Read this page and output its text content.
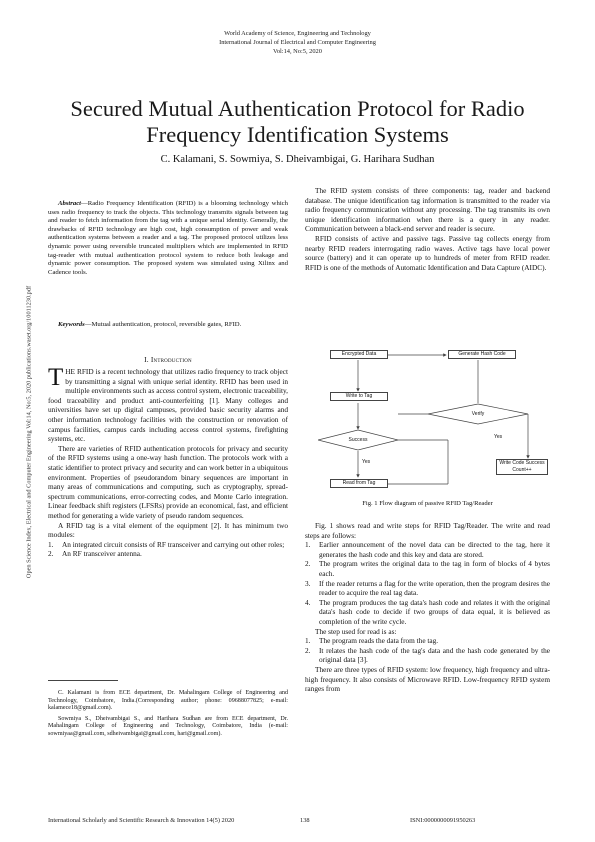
World Academy of Science, Engineering and Technology
International Journal of Electrical and Computer Engineering
Vol:14, No:5, 2020
Secured Mutual Authentication Protocol for Radio Frequency Identification Systems
C. Kalamani, S. Sowmiya, S. Dheivambigai, G. Harihara Sudhan
Open Science Index, Electrical and Computer Engineering Vol:14, No:5, 2020 publications.waset.org/10011230.pdf
Abstract—Radio Frequency Identification (RFID) is a blooming technology which uses radio frequency to track the objects. This technology transmits signals between tag and reader to fetch information from the tag with a unique serial identity. Generally, the drawbacks of RFID technology are high cost, high consumption of power and weak authentication systems between a reader and a tag. The proposed protocol utilizes less dynamic power using reversible truncated multipliers which are implemented in RFID tag-reader with mutual authentication protocol system to reduce both leakage and dynamic power consumption. The proposed system was simulated using Xilinx and Cadence tools.
Keywords—Mutual authentication, protocol, reversible gates, RFID.
I. Introduction

THE RFID is a recent technology that utilizes radio frequency to track object by transmitting a signal with unique serial identity. RFID has been used in multiple environments such as access control system, electronic traceability, food traceability and product anti-counterfeiting [1]. Many colleges and universities have set up digital campuses, provided basic security alarms and other information technology facilities with the construction or renovation of campus facilities, campus cards including access control systems, firefighting systems, etc.

There are varieties of RFID authentication protocols for privacy and security of the RFID systems using a one-way hash function. The protocols work with a static identifier to protect privacy and security and can work better in a ubiquitous environment. Properties of pseudorandom binary sequences are important in many areas of communications and computing, such as cryptography, spread-spectrum communications, error-correcting codes, and Monte Carlo integration. Linear feedback shift registers (LFSRs) provide an economical, fast, and efficient method for generating a wide variety of pseudo random sequences.

A RFID tag is a vital element of the equipment [2]. It has minimum two modules:

1. An integrated circuit consists of RF transceiver and carrying out other roles;
2. An RF transceiver antenna.

C. Kalamani is from ECE department, Dr. Mahalingam College of Engineering and Technology, Coimbatore, India.(Corresponding author; phone: 09688077825; e-mail: kalamece18@gmail.com).

Sowmiya S., Dheivambigai S., and Harihara Sudhan are from ECE department, Dr. Mahalingam College of Engineering and Technology, Coimbatore, India (e-mail: sowmiyaa@gmail.com, sdheivambigai@gmail.com, hari@gmail.com).

The RFID system consists of three components: tag, reader and backend database. The unique identification tag information is transmitted to the reader via radio frequency communication without any processing. The tag transmits its own unique identification information when there is a query in any reader. Communication between a black-end server and reader is secure.

RFID consists of active and passive tags. Passive tag collects energy from nearby RFID readers interrogating radio waves. Active tags have local power source (battery) and it can operate up to hundreds of meter from RFID reader. RFID is one of the methods of Automatic Identification and Data Capture (AIDC).

Encrypted Data	Generate Hash Code
Write to Tag
Verify
Success	Yes
Yes	Write Code Success Count++
Read from Tag
Fig. 1 Flow diagram of passive RFID Tag/Reader

Fig. 1 shows read and write steps for RFID Tag/Reader. The write and read steps are follows:

1. Earlier announcement of the novel data can be directed to the tag, here it generates the hash code and this key and data are stored.
2. The program writes the original data to the tag in form of blocks of 4 bytes each.
3. If the reader returns a flag for the write operation, then the program desires the reader to acquire the real tag data.
4. The program produces the tag data's hash code and relates it with the original data's hash code to decide if two groups of data equal, it is believed as completion of the write cycle.

The step used for read is as:

1. The program reads the data from the tag.
2. It relates the hash code of the tag's data and the hash code generated by the original data [3].

There are three types of RFID system: low frequency, high frequency and ultra-high frequency. It also consists of Microwave RFID. Low-frequency RFID system ranges from

International Scholarly and Scientific Research & Innovation 14(5) 2020	138	ISNI:0000000091950263
